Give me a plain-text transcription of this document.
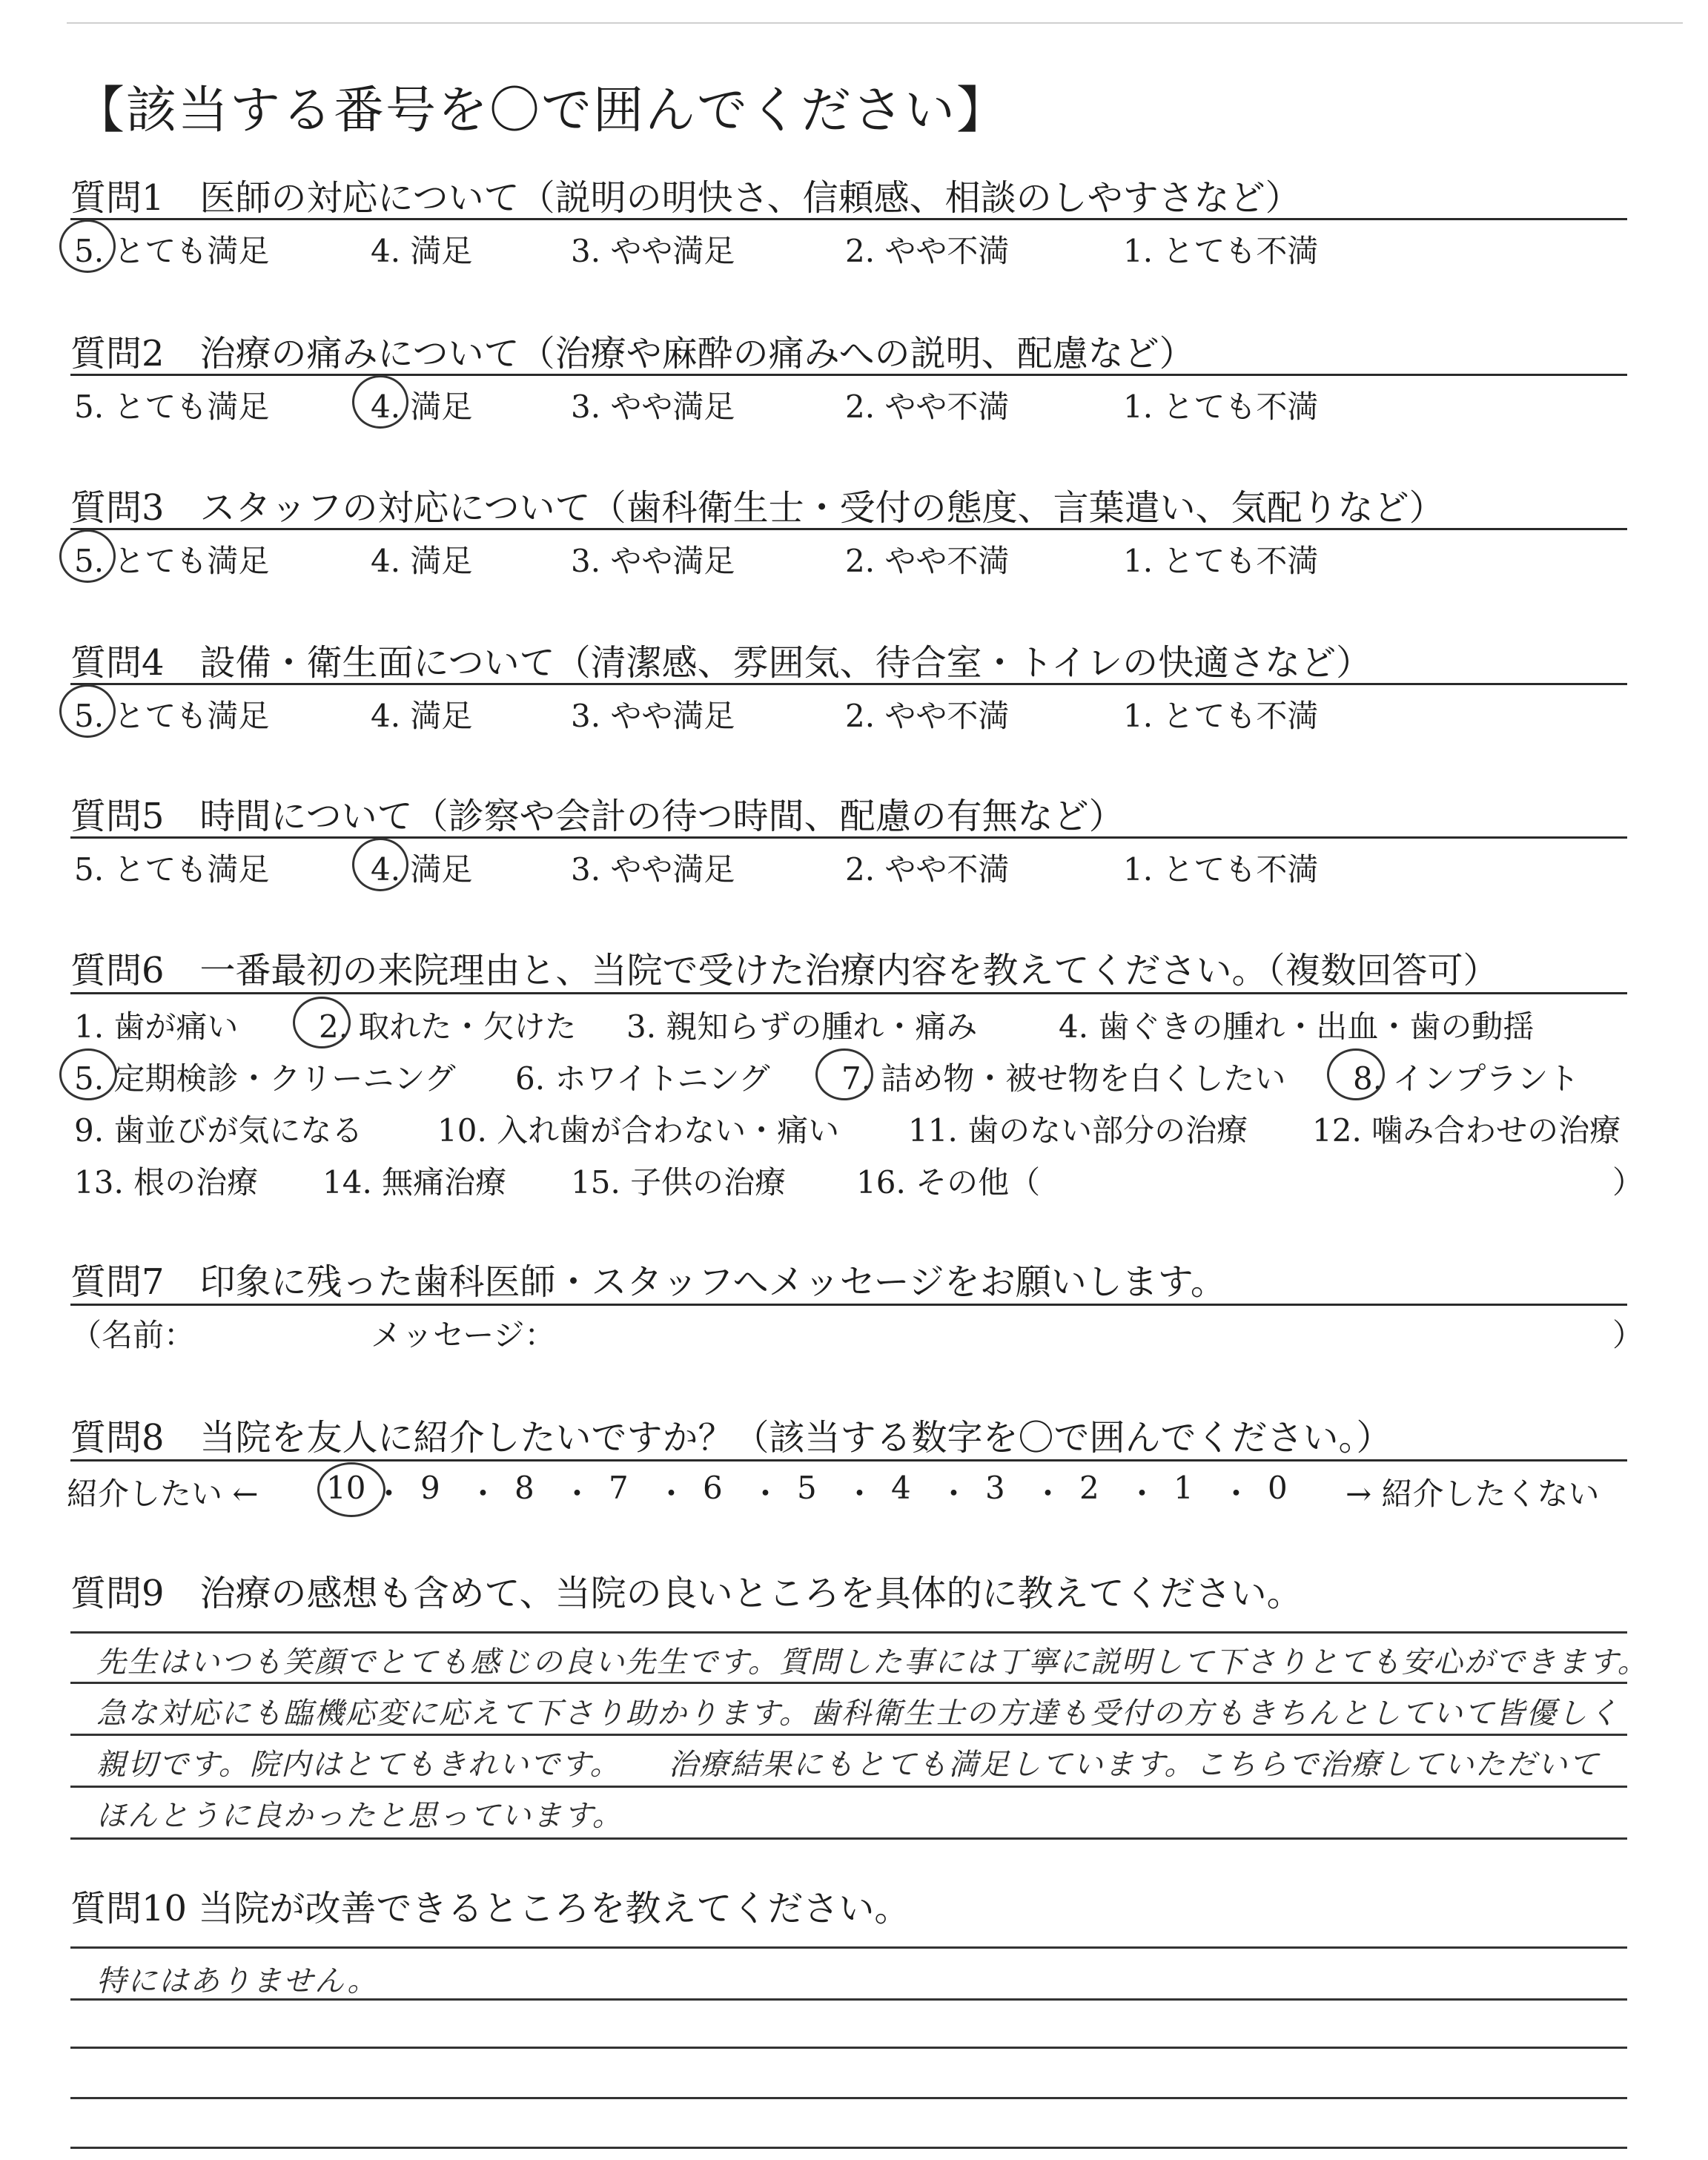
【該当する番号を〇で囲んでください】
質問1　医師の対応について（説明の明快さ、信頼感、相談のしやすさなど）
5. とても満足	4. 満足	3. やや満足	2. やや不満	1. とても不満
質問2　治療の痛みについて（治療や麻酔の痛みへの説明、配慮など）
5. とても満足	4. 満足	3. やや満足	2. やや不満	1. とても不満
質問3　スタッフの対応について（歯科衛生士・受付の態度、言葉遣い、気配りなど）
5. とても満足	4. 満足	3. やや満足	2. やや不満	1. とても不満
質問4　設備・衛生面について（清潔感、雰囲気、待合室・トイレの快適さなど）
5. とても満足	4. 満足	3. やや満足	2. やや不満	1. とても不満
質問5　時間について（診察や会計の待つ時間、配慮の有無など）
5. とても満足	4. 満足	3. やや満足	2. やや不満	1. とても不満
質問6　一番最初の来院理由と、当院で受けた治療内容を教えてください。（複数回答可）
1. 歯が痛い	2. 取れた・欠けた 3. 親知らずの腫れ・痛み	4. 歯ぐきの腫れ・出血・歯の動揺
5. 定期検診・クリーニング 6. ホワイトニング 7. 詰め物・被せ物を白くしたい 8. インプラント
9. 歯並びが気になる 10. 入れ歯が合わない・痛い 11. 歯のない部分の治療 12. 噛み合わせの治療
13. 根の治療 14. 無痛治療 15. 子供の治療 16. その他（	）
質問7　印象に残った歯科医師・スタッフへメッセージをお願いします。
（名前：	メッセージ：	）
質問8　当院を友人に紹介したいですか？（該当する数字を〇で囲んでください。）
紹介したい ← 10 ・ 9 ・ 8 ・ 7 ・ 6 ・ 5 ・ 4 ・ 3 ・ 2 ・ 1 ・ 0 → 紹介したくない
質問9　治療の感想も含めて、当院の良いところを具体的に教えてください。
先生はいつも笑顔でとても感じの良い先生です。質問した事には丁寧に説明して下さりとても安心ができます。
急な対応にも臨機応変に応えて下さり助かります。歯科衛生士の方達も受付の方もきちんとしていて皆優しく
親切です。院内はとてもきれいです。　　治療結果にもとても満足しています。こちらで治療していただいて
ほんとうに良かったと思っています。
質問10 当院が改善できるところを教えてください。
特にはありません。
